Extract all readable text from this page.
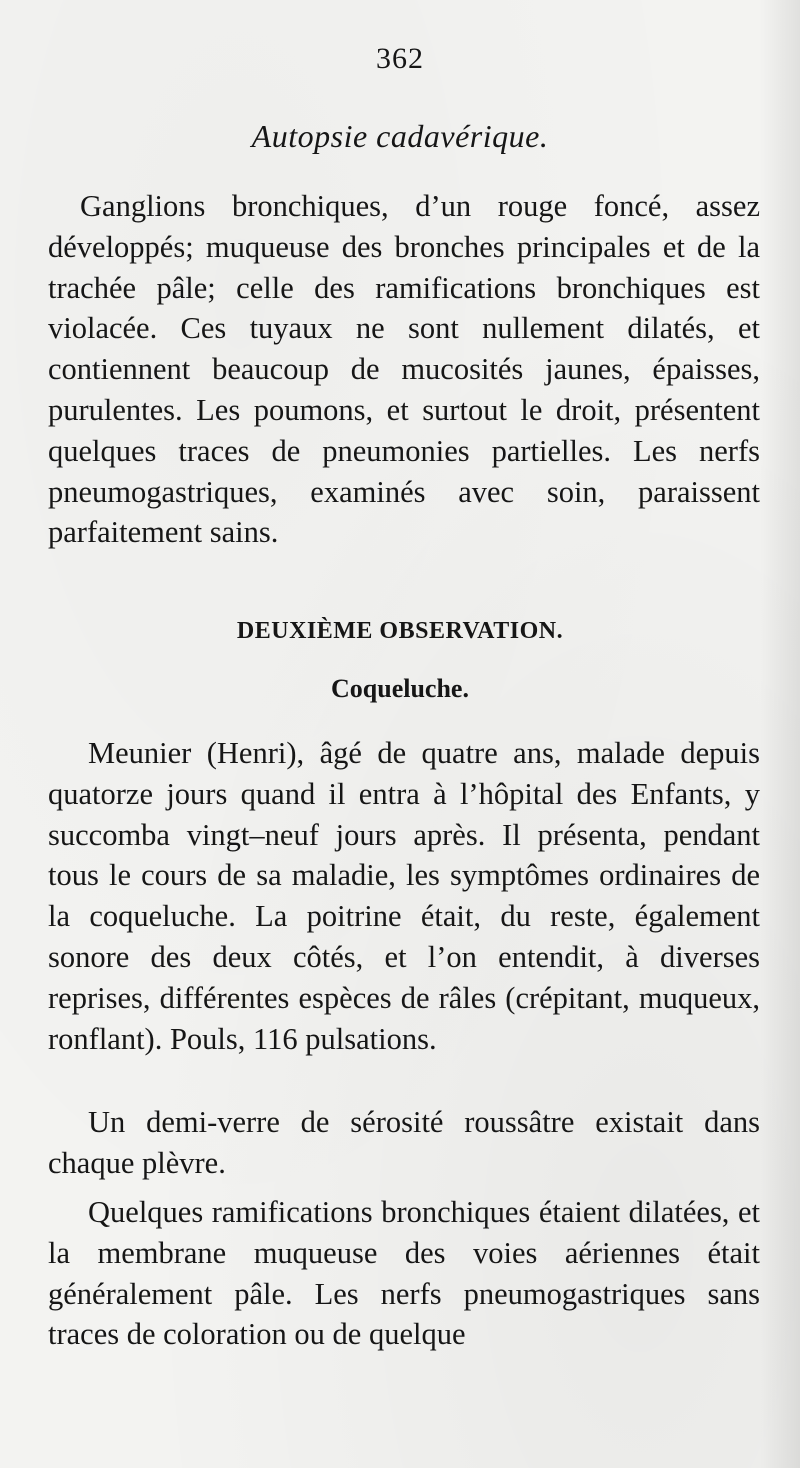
362
Autopsie cadavérique.

Ganglions bronchiques, d’un rouge foncé, assez développés; muqueuse des bronches principales et de la trachée pâle; celle des ramifications bronchiques est violacée. Ces tuyaux ne sont nullement dilatés, et contiennent beaucoup de mucosités jaunes, épaisses, purulentes. Les poumons, et surtout le droit, présentent quelques traces de pneumonies partielles. Les nerfs pneumogastriques, examinés avec soin, paraissent parfaitement sains.

DEUXIÈME OBSERVATION.
Coqueluche.

Meunier (Henri), âgé de quatre ans, malade depuis quatorze jours quand il entra à l’hôpital des Enfants, y succomba vingt–neuf jours après. Il présenta, pendant tous le cours de sa maladie, les symptômes ordinaires de la coqueluche. La poitrine était, du reste, également sonore des deux côtés, et l’on entendit, à diverses reprises, différentes espèces de râles (crépitant, muqueux, ronflant). Pouls, 116 pulsations.

Un demi-verre de sérosité roussâtre existait dans chaque plèvre.

Quelques ramifications bronchiques étaient dilatées, et la membrane muqueuse des voies aériennes était généralement pâle. Les nerfs pneumogastriques sans traces de coloration ou de quelque
